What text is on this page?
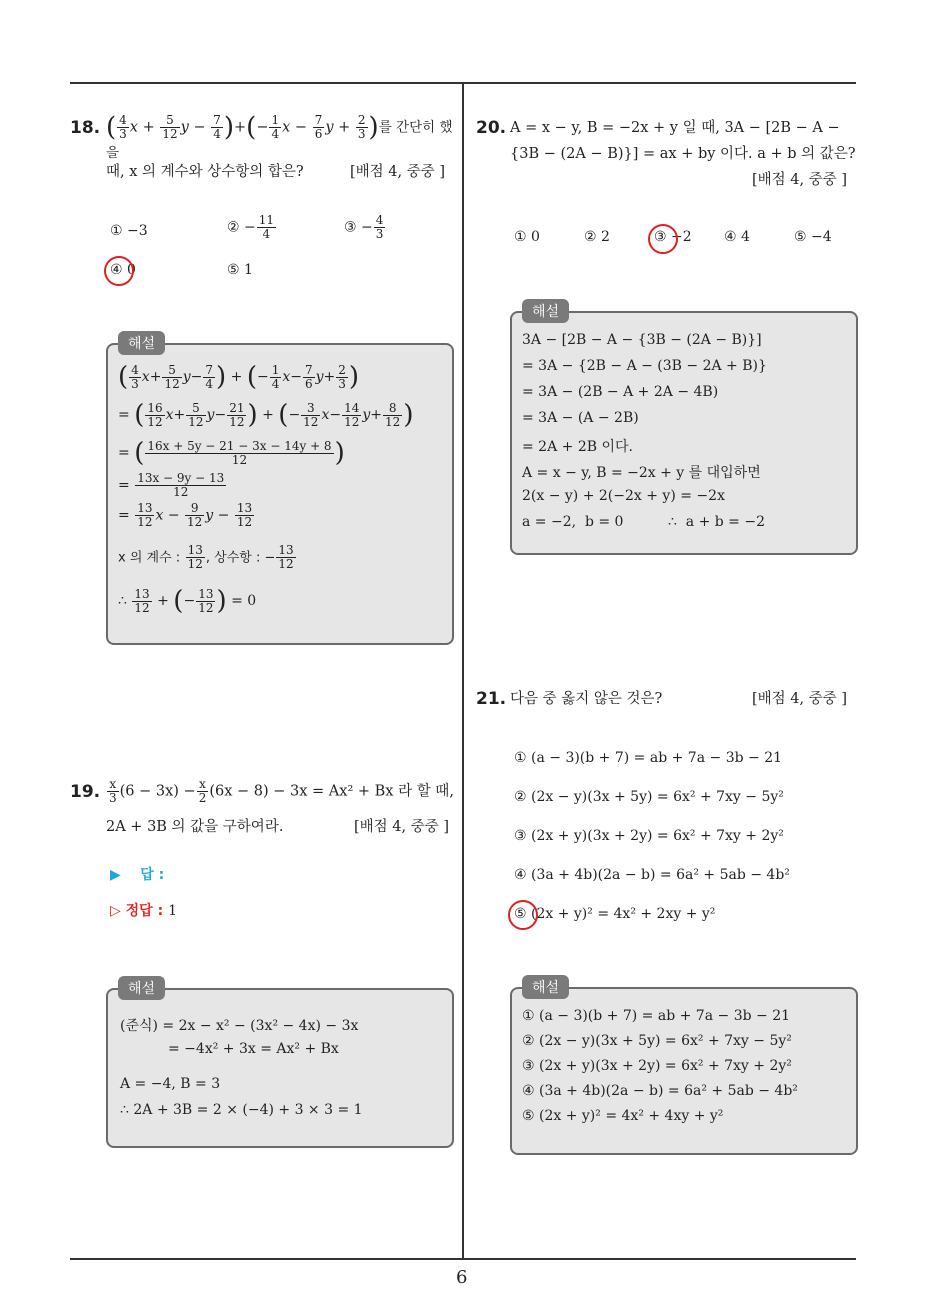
18. ( $\frac{4}{3}$ $x + \frac{5}{12}$ $y - \frac{7}{4}$ )+(− $\frac{1}{4}$ $x - \frac{7}{6}$ $y + \frac{2}{3}$ )를 간단히 했을
때, x 의 계수와 상수항의 합은?	[배점 4, 중중 ]
① −3	② − $\frac{11}{4}$	③ − $\frac{4}{3}$
④ 0	⑤ 1
해설
( $\frac{4}{3} x+ \frac{5}{12} y- \frac{7}{4}$ ) + (− $\frac{1}{4} x- \frac{7}{6} y+ \frac{2}{3}$ )
= ( $\frac{16}{12} x+ \frac{5}{12} y- \frac{21}{12}$ ) + (− $\frac{3}{12} x- \frac{14}{12} y+ \frac{8}{12}$ )
= ( $\frac{16x + 5y - 21 - 3x - 14y + 8}{12}$ )
= $\frac{13x - 9y - 13}{12}$
= $\frac{13}{12}$ $x - \frac{9}{12}$ $y - \frac{13}{12}$
x 의 계수 : $\frac{13}{12}$ , 상수항 : − $\frac{13}{12}$
∴ $\frac{13}{12}$ + (− $\frac{13}{12}$ ) = 0
19. $\frac{x}{3} (6 - 3x) - \frac{x}{2} (6x - 8) - 3x = Ax^2 + Bx$ 라 할 때,
2A + 3B 의 값을 구하여라.	[배점 4, 중중 ]
▶ 답 :
▷ 정답 : 1
해설
(준식) = 2x − x² − (3x² − 4x) − 3x
= −4x² + 3x = Ax² + Bx
A = −4, B = 3
∴ 2A + 3B = 2 × (−4) + 3 × 3 = 1
20. A = x − y, B = −2x + y 일 때, 3A − [2B − A −
{3B − (2A − B)}] = ax + by 이다. a + b 의 값은?
[배점 4, 중중 ]
① 0	② 2	③ −2 ④ 4	⑤ −4
해설
3A − [2B − A − {3B − (2A − B)}]
= 3A − {2B − A − (3B − 2A + B)}
= 3A − (2B − A + 2A − 4B)
= 3A − (A − 2B)
= 2A + 2B 이다.
A = x − y, B = −2x + y 를 대입하면
2(x − y) + 2(−2x + y) = −2x
a = −2,  b = 0          ∴  a + b = −2
21. 다음 중 옳지 않은 것은?	[배점 4, 중중 ]
① (a − 3)(b + 7) = ab + 7a − 3b − 21
② (2x − y)(3x + 5y) = 6x² + 7xy − 5y²
③ (2x + y)(3x + 2y) = 6x² + 7xy + 2y²
④ (3a + 4b)(2a − b) = 6a² + 5ab − 4b²
⑤ (2x + y)² = 4x² + 2xy + y²
해설
① (a − 3)(b + 7) = ab + 7a − 3b − 21
② (2x − y)(3x + 5y) = 6x² + 7xy − 5y²
③ (2x + y)(3x + 2y) = 6x² + 7xy + 2y²
④ (3a + 4b)(2a − b) = 6a² + 5ab − 4b²
⑤ (2x + y)² = 4x² + 4xy + y²
6
